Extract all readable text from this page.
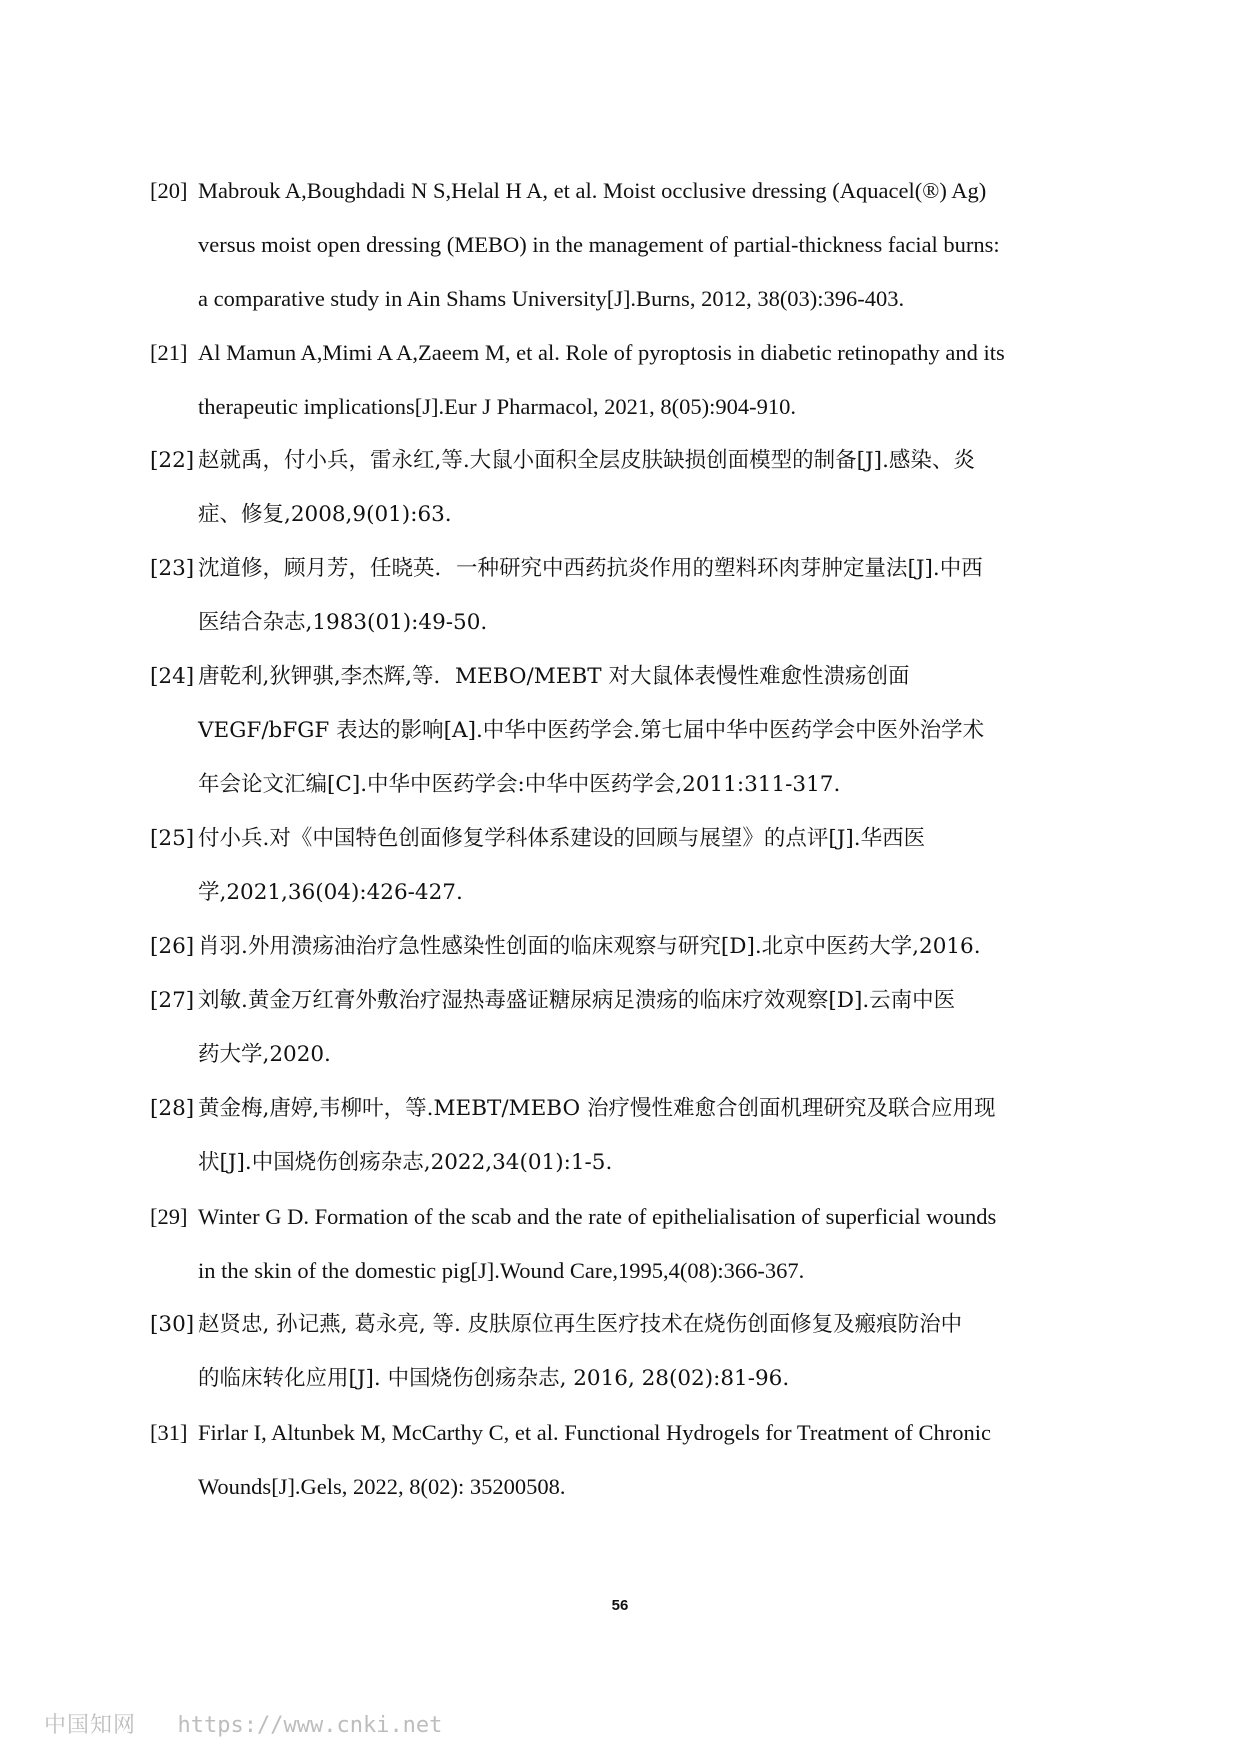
[20] Mabrouk A,Boughdadi N S,Helal H A, et al. Moist occlusive dressing (Aquacel(®) Ag)
versus moist open dressing (MEBO) in the management of partial-thickness facial burns:
a comparative study in Ain Shams University[J].Burns, 2012, 38(03):396-403.
[21] Al Mamun A,Mimi A A,Zaeem M, et al. Role of pyroptosis in diabetic retinopathy and its
therapeutic implications[J].Eur J Pharmacol, 2021, 8(05):904-910.
[22] 赵就禹，付小兵，雷永红,等.大鼠小面积全层皮肤缺损创面模型的制备[J].感染、炎
症、修复,2008,9(01):63.
[23] 沈道修，顾月芳，任晓英．一种研究中西药抗炎作用的塑料环肉芽肿定量法[J].中西
医结合杂志,1983(01):49-50.
[24] 唐乾利,狄钾骐,李杰辉,等．MEBO/MEBT 对大鼠体表慢性难愈性溃疡创面
VEGF/bFGF 表达的影响[A].中华中医药学会.第七届中华中医药学会中医外治学术
年会论文汇编[C].中华中医药学会:中华中医药学会,2011:311-317.
[25] 付小兵.对《中国特色创面修复学科体系建设的回顾与展望》的点评[J].华西医
学,2021,36(04):426-427.
[26] 肖羽.外用溃疡油治疗急性感染性创面的临床观察与研究[D].北京中医药大学,2016.
[27] 刘敏.黄金万红膏外敷治疗湿热毒盛证糖尿病足溃疡的临床疗效观察[D].云南中医
药大学,2020.
[28] 黄金梅,唐婷,韦柳叶，等.MEBT/MEBO 治疗慢性难愈合创面机理研究及联合应用现
状[J].中国烧伤创疡杂志,2022,34(01):1-5.
[29] Winter G D. Formation of the scab and the rate of epithelialisation of superficial wounds
in the skin of the domestic pig[J].Wound Care,1995,4(08):366-367.
[30] 赵贤忠, 孙记燕, 葛永亮, 等. 皮肤原位再生医疗技术在烧伤创面修复及瘢痕防治中
的临床转化应用[J]. 中国烧伤创疡杂志, 2016, 28(02):81-96.
[31] Firlar I, Altunbek M, McCarthy C, et al. Functional Hydrogels for Treatment of Chronic
Wounds[J].Gels, 2022, 8(02): 35200508.
56
中国知网 https://www.cnki.net
